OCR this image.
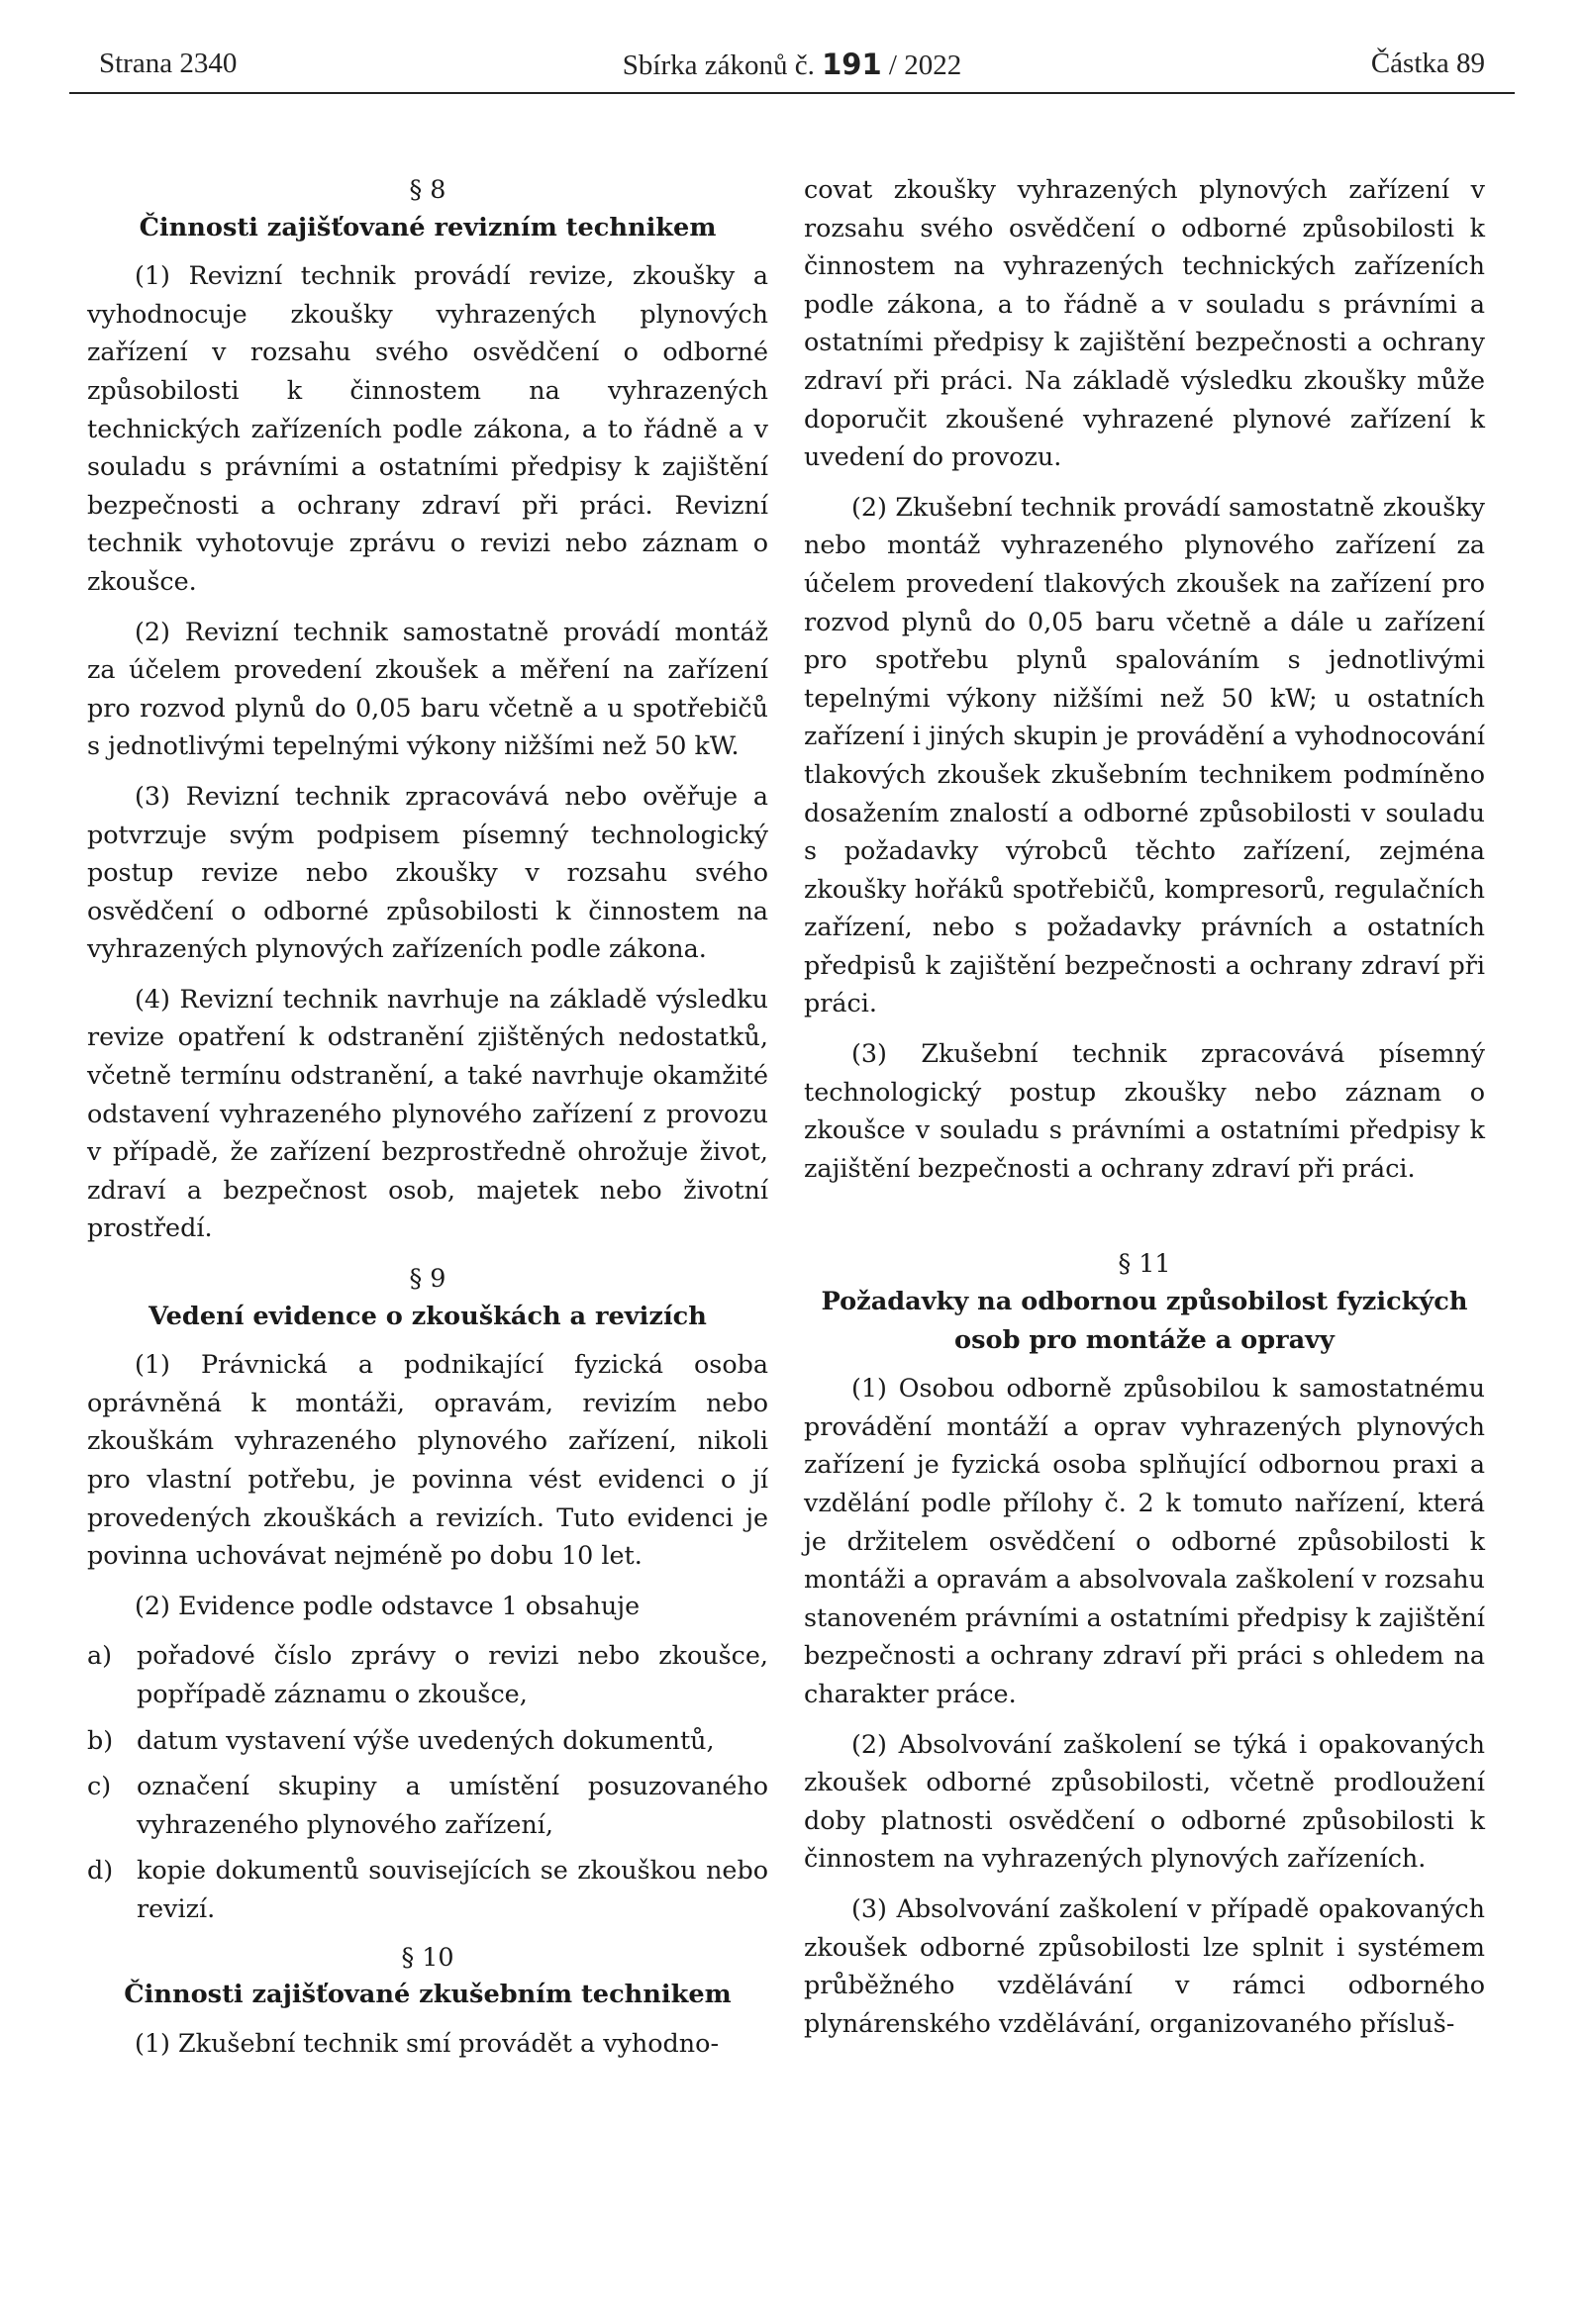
Strana 2340	Sbírka zákonů č. 191 / 2022	Částka 89
§ 8
Činnosti zajišťované revizním technikem

(1) Revizní technik provádí revize, zkoušky a vyhodnocuje zkoušky vyhrazených plynových zařízení v rozsahu svého osvědčení o odborné způsobilosti k činnostem na vyhrazených technických zařízeních podle zákona, a to řádně a v souladu s právními a ostatními předpisy k zajištění bezpečnosti a ochrany zdraví při práci. Revizní technik vyhotovuje zprávu o revizi nebo záznam o zkoušce.

(2) Revizní technik samostatně provádí montáž za účelem provedení zkoušek a měření na zařízení pro rozvod plynů do 0,05 baru včetně a u spotřebičů s jednotlivými tepelnými výkony nižšími než 50 kW.

(3) Revizní technik zpracovává nebo ověřuje a potvrzuje svým podpisem písemný technologický postup revize nebo zkoušky v rozsahu svého osvědčení o odborné způsobilosti k činnostem na vyhrazených plynových zařízeních podle zákona.

(4) Revizní technik navrhuje na základě výsledku revize opatření k odstranění zjištěných nedostatků, včetně termínu odstranění, a také navrhuje okamžité odstavení vyhrazeného plynového zařízení z provozu v případě, že zařízení bezprostředně ohrožuje život, zdraví a bezpečnost osob, majetek nebo životní prostředí.

§ 9
Vedení evidence o zkouškách a revizích

(1) Právnická a podnikající fyzická osoba oprávněná k montáži, opravám, revizím nebo zkouškám vyhrazeného plynového zařízení, nikoli pro vlastní potřebu, je povinna vést evidenci o jí provedených zkouškách a revizích. Tuto evidenci je povinna uchovávat nejméně po dobu 10 let.

(2) Evidence podle odstavce 1 obsahuje

a) pořadové číslo zprávy o revizi nebo zkoušce, popřípadě záznamu o zkoušce,
b) datum vystavení výše uvedených dokumentů,
c)	označení skupiny a umístění posuzovaného vyhrazeného plynového zařízení,
d) kopie dokumentů souvisejících se zkouškou nebo revizí.
§ 10
Činnosti zajišťované zkušebním technikem

(1) Zkušební technik smí provádět a vyhodno-

covat zkoušky vyhrazených plynových zařízení v rozsahu svého osvědčení o odborné způsobilosti k činnostem na vyhrazených technických zařízeních podle zákona, a to řádně a v souladu s právními a ostatními předpisy k zajištění bezpečnosti a ochrany zdraví při práci. Na základě výsledku zkoušky může doporučit zkoušené vyhrazené plynové zařízení k uvedení do provozu.

(2) Zkušební technik provádí samostatně zkoušky nebo montáž vyhrazeného plynového zařízení za účelem provedení tlakových zkoušek na zařízení pro rozvod plynů do 0,05 baru včetně a dále u zařízení pro spotřebu plynů spalováním s jednotlivými tepelnými výkony nižšími než 50 kW; u ostatních zařízení i jiných skupin je provádění a vyhodnocování tlakových zkoušek zkušebním technikem podmíněno dosažením znalostí a odborné způsobilosti v souladu s požadavky výrobců těchto zařízení, zejména zkoušky hořáků spotřebičů, kompresorů, regulačních zařízení, nebo s požadavky právních a ostatních předpisů k zajištění bezpečnosti a ochrany zdraví při práci.

(3) Zkušební technik zpracovává písemný technologický postup zkoušky nebo záznam o zkoušce v souladu s právními a ostatními předpisy k zajištění bezpečnosti a ochrany zdraví při práci.

§ 11
Požadavky na odbornou způsobilost fyzických
osob pro montáže a opravy

(1) Osobou odborně způsobilou k samostatnému provádění montáží a oprav vyhrazených plynových zařízení je fyzická osoba splňující odbornou praxi a vzdělání podle přílohy č. 2 k tomuto nařízení, která je držitelem osvědčení o odborné způsobilosti k montáži a opravám a absolvovala zaškolení v rozsahu stanoveném právními a ostatními předpisy k zajištění bezpečnosti a ochrany zdraví při práci s ohledem na charakter práce.

(2) Absolvování zaškolení se týká i opakovaných zkoušek odborné způsobilosti, včetně prodloužení doby platnosti osvědčení o odborné způsobilosti k činnostem na vyhrazených plynových zařízeních.

(3) Absolvování zaškolení v případě opakovaných zkoušek odborné způsobilosti lze splnit i systémem průběžného vzdělávání v rámci odborného plynárenského vzdělávání, organizovaného přísluš-
